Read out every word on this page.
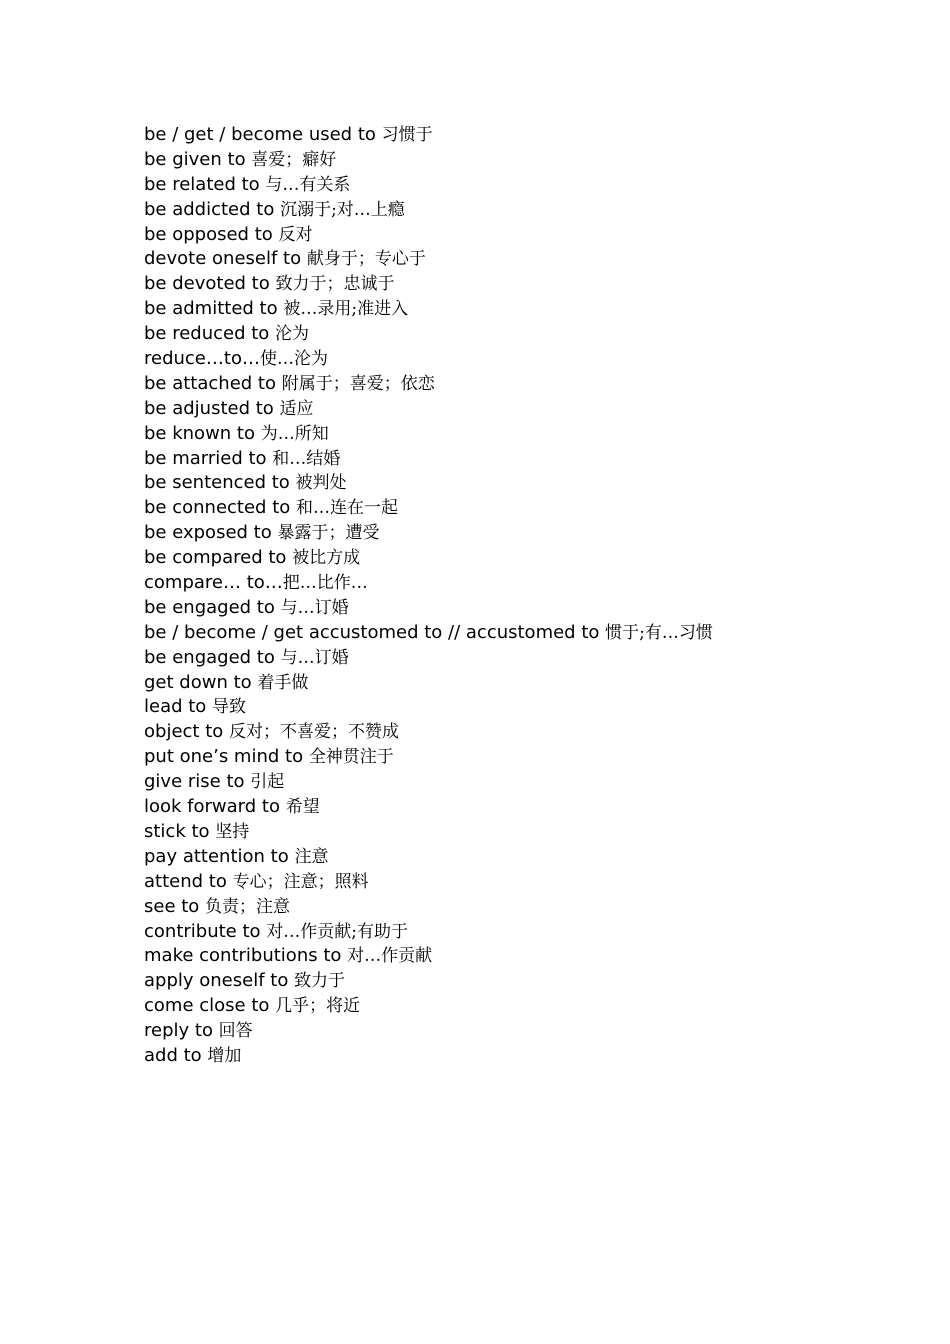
be / get / become used to 习惯于
be given to 喜爱；癖好
be related to 与…有关系
be addicted to 沉溺于;对…上瘾
be opposed to 反对
devote oneself to 献身于；专心于
be devoted to 致力于；忠诚于
be admitted to 被…录用;准进入
be reduced to 沦为
reduce…to…使…沦为
be attached to 附属于；喜爱；依恋
be adjusted to 适应
be known to 为…所知
be married to 和…结婚
be sentenced to 被判处
be connected to 和…连在一起
be exposed to 暴露于；遭受
be compared to 被比方成
compare… to…把…比作…
be engaged to 与…订婚
be / become / get accustomed to // accustomed to 惯于;有…习惯
be engaged to 与…订婚
get down to 着手做
lead to 导致
object to 反对；不喜爱；不赞成
put one’s mind to 全神贯注于
give rise to 引起
look forward to 希望
stick to 坚持
pay attention to 注意
attend to 专心；注意；照料
see to 负责；注意
contribute to 对…作贡献;有助于
make contributions to 对…作贡献
apply oneself to 致力于
come close to 几乎；将近
reply to 回答
add to 增加
